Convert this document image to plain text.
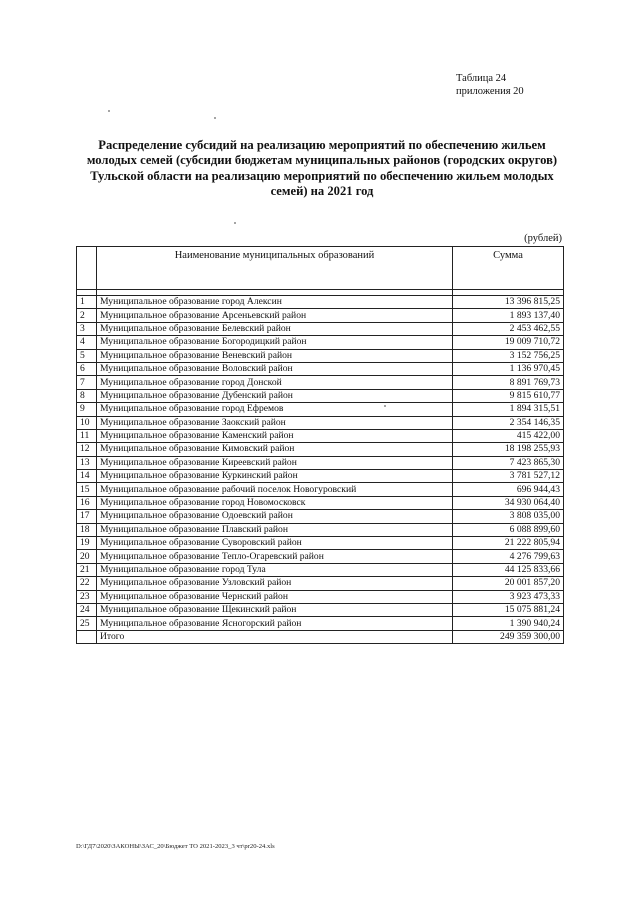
Таблица 24
приложения 20
Распределение субсидий на реализацию мероприятий по обеспечению жильем
молодых семей (субсидии бюджетам муниципальных районов (городских округов)
Тульской области на реализацию мероприятий по обеспечению жильем молодых
семей) на 2021 год
(рублей)
	Наименование муниципальных образований	Сумма

1	Муниципальное образование город Алексин	13 396 815,25
2	Муниципальное образование Арсеньевский район	1 893 137,40
3	Муниципальное образование Белевский район	2 453 462,55
4	Муниципальное образование Богородицкий район	19 009 710,72
5	Муниципальное образование Веневский район	3 152 756,25
6	Муниципальное образование Воловский район	1 136 970,45
7	Муниципальное образование город Донской	8 891 769,73
8	Муниципальное образование Дубенский район	9 815 610,77
9	Муниципальное образование город Ефремов	1 894 315,51
10	Муниципальное образование Заокский район	2 354 146,35
11	Муниципальное образование Каменский район	415 422,00
12	Муниципальное образование Кимовский район	18 198 255,93
13	Муниципальное образование Киреевский район	7 423 865,30
14	Муниципальное образование Куркинский район	3 781 527,12
15	Муниципальное образование рабочий поселок Новогуровский	696 944,43
16	Муниципальное образование город Новомосковск	34 930 064,40
17	Муниципальное образование Одоевский район	3 808 035,00
18	Муниципальное образование Плавский район	6 088 899,60
19	Муниципальное образование Суворовский район	21 222 805,94
20	Муниципальное образование Тепло-Огаревский район	4 276 799,63
21	Муниципальное образование город Тула	44 125 833,66
22	Муниципальное образование Узловский район	20 001 857,20
23	Муниципальное образование Чернский район	3 923 473,33
24	Муниципальное образование Щекинский район	15 075 881,24
25	Муниципальное образование Ясногорский район	1 390 940,24
	Итого	249 359 300,00
D:\ГД7\2020\ЗАКОНЫ\ЗАС_20\Бюджет ТО 2021-2023_3 чт\pr20-24.xls
